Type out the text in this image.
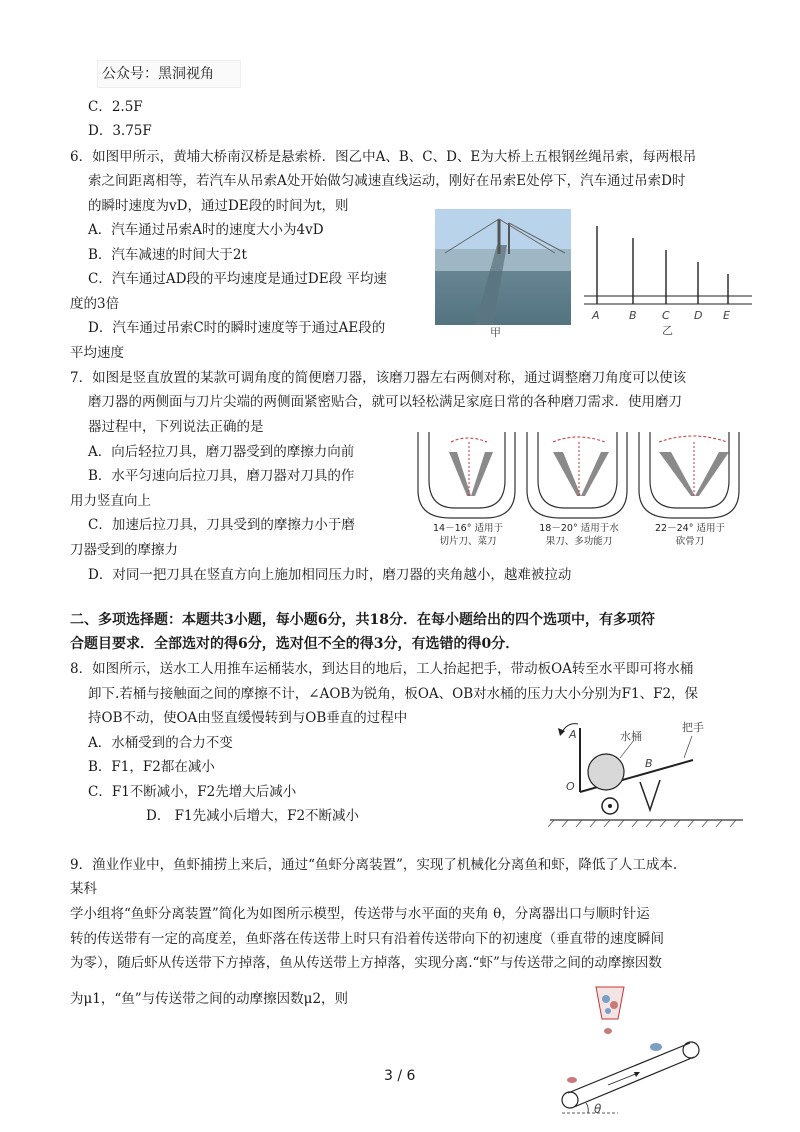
公众号：黑洞视角
C．2.5F
D．3.75F
6．如图甲所示，黄埔大桥南汉桥是悬索桥．图乙中A、B、C、D、E为大桥上五根钢丝绳吊索，每两根吊
索之间距离相等，若汽车从吊索A处开始做匀减速直线运动，刚好在吊索E处停下，汽车通过吊索D时
的瞬时速度为vD，通过DE段的时间为t，则
A．汽车通过吊索A时的速度大小为4vD
B．汽车减速的时间大于2t
C．汽车通过AD段的平均速度是通过DE段 平均速
度的3倍
D．汽车通过吊索C时的瞬时速度等于通过AE段的
平均速度
甲
A	B C D E
乙
7．如图是竖直放置的某款可调角度的简便磨刀器，该磨刀器左右两侧对称，通过调整磨刀角度可以使该
磨刀器的两侧面与刀片尖端的两侧面紧密贴合，就可以轻松满足家庭日常的各种磨刀需求．使用磨刀
器过程中，下列说法正确的是
A．向后轻拉刀具，磨刀器受到的摩擦力向前
B．水平匀速向后拉刀具，磨刀器对刀具的作
用力竖直向上
C．加速后拉刀具，刀具受到的摩擦力小于磨
刀器受到的摩擦力
D．对同一把刀具在竖直方向上施加相同压力时，磨刀器的夹角越小，越难被拉动
14－16° 适用于
切片刀、菜刀
18－20° 适用于水
果刀、多功能刀
22－24° 适用于
砍骨刀
二、多项选择题：本题共3小题，每小题6分，共18分．在每小题给出的四个选项中，有多项符
合题目要求．全部选对的得6分，选对但不全的得3分，有选错的得0分．
8．如图所示，送水工人用推车运桶装水，到达目的地后，工人抬起把手，带动板OA转至水平即可将水桶
卸下.若桶与接触面之间的摩擦不计，∠AOB为锐角，板OA、OB对水桶的压力大小分别为F1、F2，保
持OB不动，使OA由竖直缓慢转到与OB垂直的过程中
A．水桶受到的合力不变
B．F1，F2都在减小
C．F1不断减小，F2先增大后减小
D． F1先减小后增大，F2不断减小
A
O
B
水桶
把手
9．渔业作业中，鱼虾捕捞上来后，通过“鱼虾分离装置”，实现了机械化分离鱼和虾，降低了人工成本.
某科
学小组将“鱼虾分离装置”简化为如图所示模型，传送带与水平面的夹角 θ，分离器出口与顺时针运
转的传送带有一定的高度差，鱼虾落在传送带上时只有沿着传送带向下的初速度（垂直带的速度瞬间
为零），随后虾从传送带下方掉落，鱼从传送带上方掉落，实现分离.“虾”与传送带之间的动摩擦因数
为μ1，“鱼”与传送带之间的动摩擦因数μ2，则
θ
3 / 6
